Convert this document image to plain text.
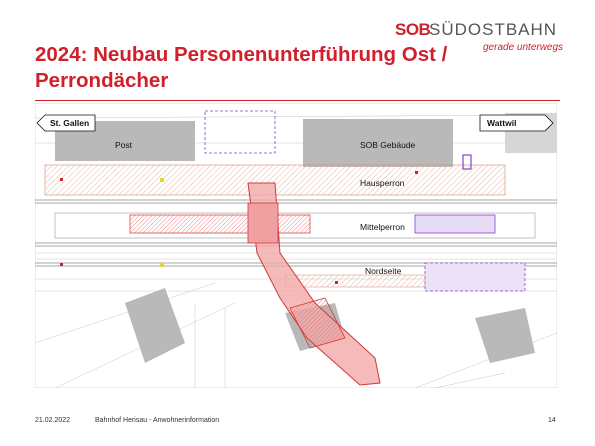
SOB
SÜDOSTBAHN
gerade unterwegs
2024: Neubau Personenunterführung Ost / Perrondächer
St. Gallen	Wattwil
Post	SOB Gebäude
Hausperron
Mittelperron
Nordseite
21.02.2022	Bahnhof Herisau - Anwohnerinformation	14
